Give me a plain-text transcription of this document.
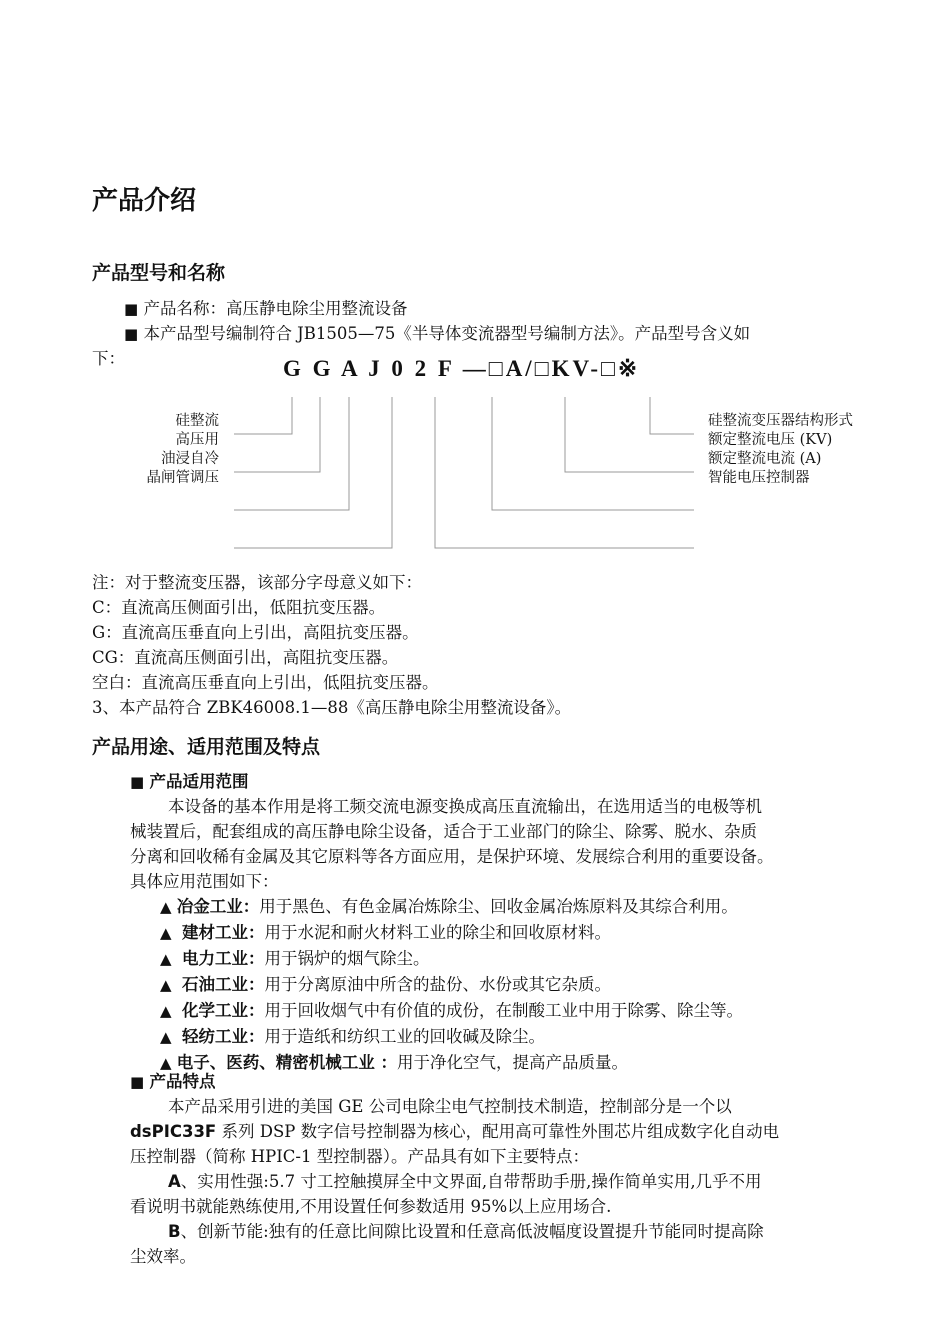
产品介绍
产品型号和名称
■ 产品名称：高压静电除尘用整流设备
■ 本产品型号编制符合 JB1505—75《半导体变流器型号编制方法》。产品型号含义如
下：	G G A J 0 2 F —□A/□KV-□※
硅整流
高压用
油浸自冷
晶闸管调压
硅整流变压器结构形式
额定整流电压 (KV)
额定整流电流 (A)
智能电压控制器
注：对于整流变压器，该部分字母意义如下：
C：直流高压侧面引出，低阻抗变压器。
G：直流高压垂直向上引出，高阻抗变压器。
CG：直流高压侧面引出，高阻抗变压器。
空白：直流高压垂直向上引出，低阻抗变压器。
3、本产品符合 ZBK46008.1—88《高压静电除尘用整流设备》。
产品用途、适用范围及特点
■ 产品适用范围
本设备的基本作用是将工频交流电源变换成高压直流输出，在选用适当的电极等机
械装置后，配套组成的高压静电除尘设备，适合于工业部门的除尘、除雾、脱水、杂质
分离和回收稀有金属及其它原料等各方面应用，是保护环境、发展综合利用的重要设备。
具体应用范围如下：
▲ 冶金工业：用于黑色、有色金属冶炼除尘、回收金属冶炼原料及其综合利用。
▲ 建材工业：用于水泥和耐火材料工业的除尘和回收原材料。
▲ 电力工业：用于锅炉的烟气除尘。
▲ 石油工业：用于分离原油中所含的盐份、水份或其它杂质。
▲ 化学工业：用于回收烟气中有价值的成份，在制酸工业中用于除雾、除尘等。
▲ 轻纺工业：用于造纸和纺织工业的回收碱及除尘。
▲ 电子、医药、精密机械工业 ：用于净化空气，提高产品质量。
■ 产品特点
本产品采用引进的美国 GE 公司电除尘电气控制技术制造，控制部分是一个以
dsPIC33F 系列 DSP 数字信号控制器为核心，配用高可靠性外围芯片组成数字化自动电
压控制器（简称 HPIC-1 型控制器）。产品具有如下主要特点：
A、实用性强:5.7 寸工控触摸屏全中文界面,自带帮助手册,操作简单实用,几乎不用
看说明书就能熟练使用,不用设置任何参数适用 95%以上应用场合.
B、创新节能:独有的任意比间隙比设置和任意高低波幅度设置提升节能同时提高除
尘效率。
